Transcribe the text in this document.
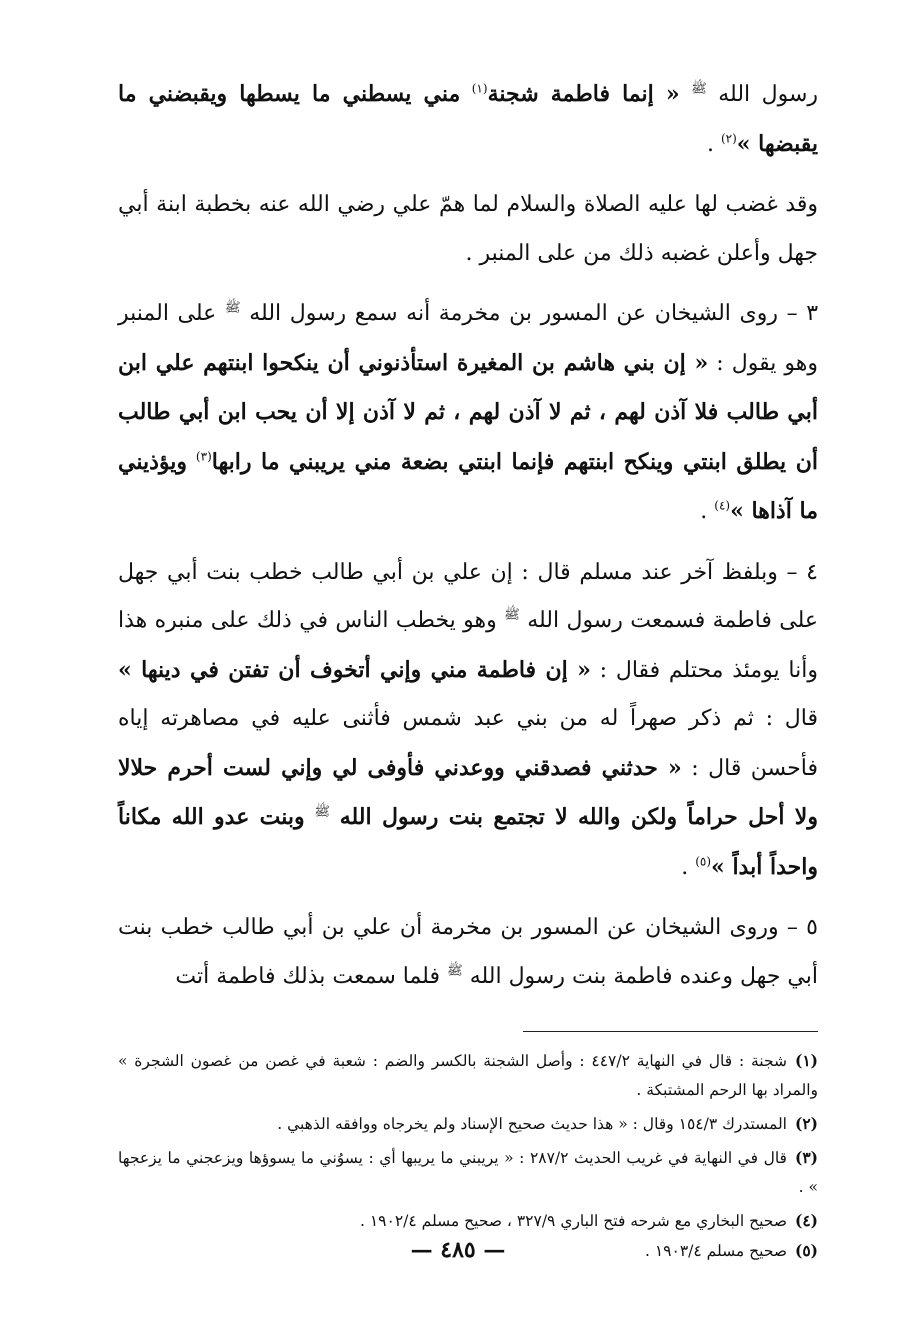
رسول الله $^ﷺ$ « إنما فاطمة شجنة$^{(١)}$ مني يسطني ما يسطها ويقبضني ما يقبضها »$^{(٢)}$ .

وقد غضب لها عليه الصلاة والسلام لما همّ علي رضي الله عنه بخطبة ابنة أبي جهل وأعلن غضبه ذلك من على المنبر .

٣ – روى الشيخان عن المسور بن مخرمة أنه سمع رسول الله $^ﷺ$ على المنبر وهو يقول : « إن بني هاشم بن المغيرة استأذنوني أن ينكحوا ابنتهم علي ابن أبي طالب فلا آذن لهم ، ثم لا آذن لهم ، ثم لا آذن إلا أن يحب ابن أبي طالب أن يطلق ابنتي وينكح ابنتهم فإنما ابنتي بضعة مني يريبني ما رابها$^{(٣)}$ ويؤذيني ما آذاها »$^{(٤)}$ .

٤ – وبلفظ آخر عند مسلم قال : إن علي بن أبي طالب خطب بنت أبي جهل على فاطمة فسمعت رسول الله $^ﷺ$ وهو يخطب الناس في ذلك على منبره هذا وأنا يومئذ محتلم فقال : « إن فاطمة مني وإني أتخوف أن تفتن في دينها » قال : ثم ذكر صهراً له من بني عبد شمس فأثنى عليه في مصاهرته إياه فأحسن قال : « حدثني فصدقني ووعدني فأوفى لي وإني لست أحرم حلالا ولا أحل حراماً ولكن والله لا تجتمع بنت رسول الله $^ﷺ$ وبنت عدو الله مكاناً واحداً أبداً »$^{(٥)}$ .

٥ – وروى الشيخان عن المسور بن مخرمة أن علي بن أبي طالب خطب بنت أبي جهل وعنده فاطمة بنت رسول الله $^ﷺ$ فلما سمعت بذلك فاطمة أتت

(١)شجنة : قال في النهاية ٤٤٧/٢ : وأصل الشجنة بالكسر والضم : شعبة في غصن من غصون الشجرة » والمراد بها الرحم المشتبكة .

(٢)المستدرك ١٥٤/٣ وقال : « هذا حديث صحيح الإسناد ولم يخرجاه ووافقه الذهبي .

(٣)قال في النهاية في غريب الحديث ٢٨٧/٢ : « يريبني ما يريبها أي : يسوُني ما يسوؤها ويزعجني ما يزعجها » .

(٤)صحيح البخاري مع شرحه فتح الباري ٣٢٧/٩ ، صحيح مسلم ١٩٠٢/٤ .

(٥)صحيح مسلم ١٩٠٣/٤ .

— ٤٨٥ —
